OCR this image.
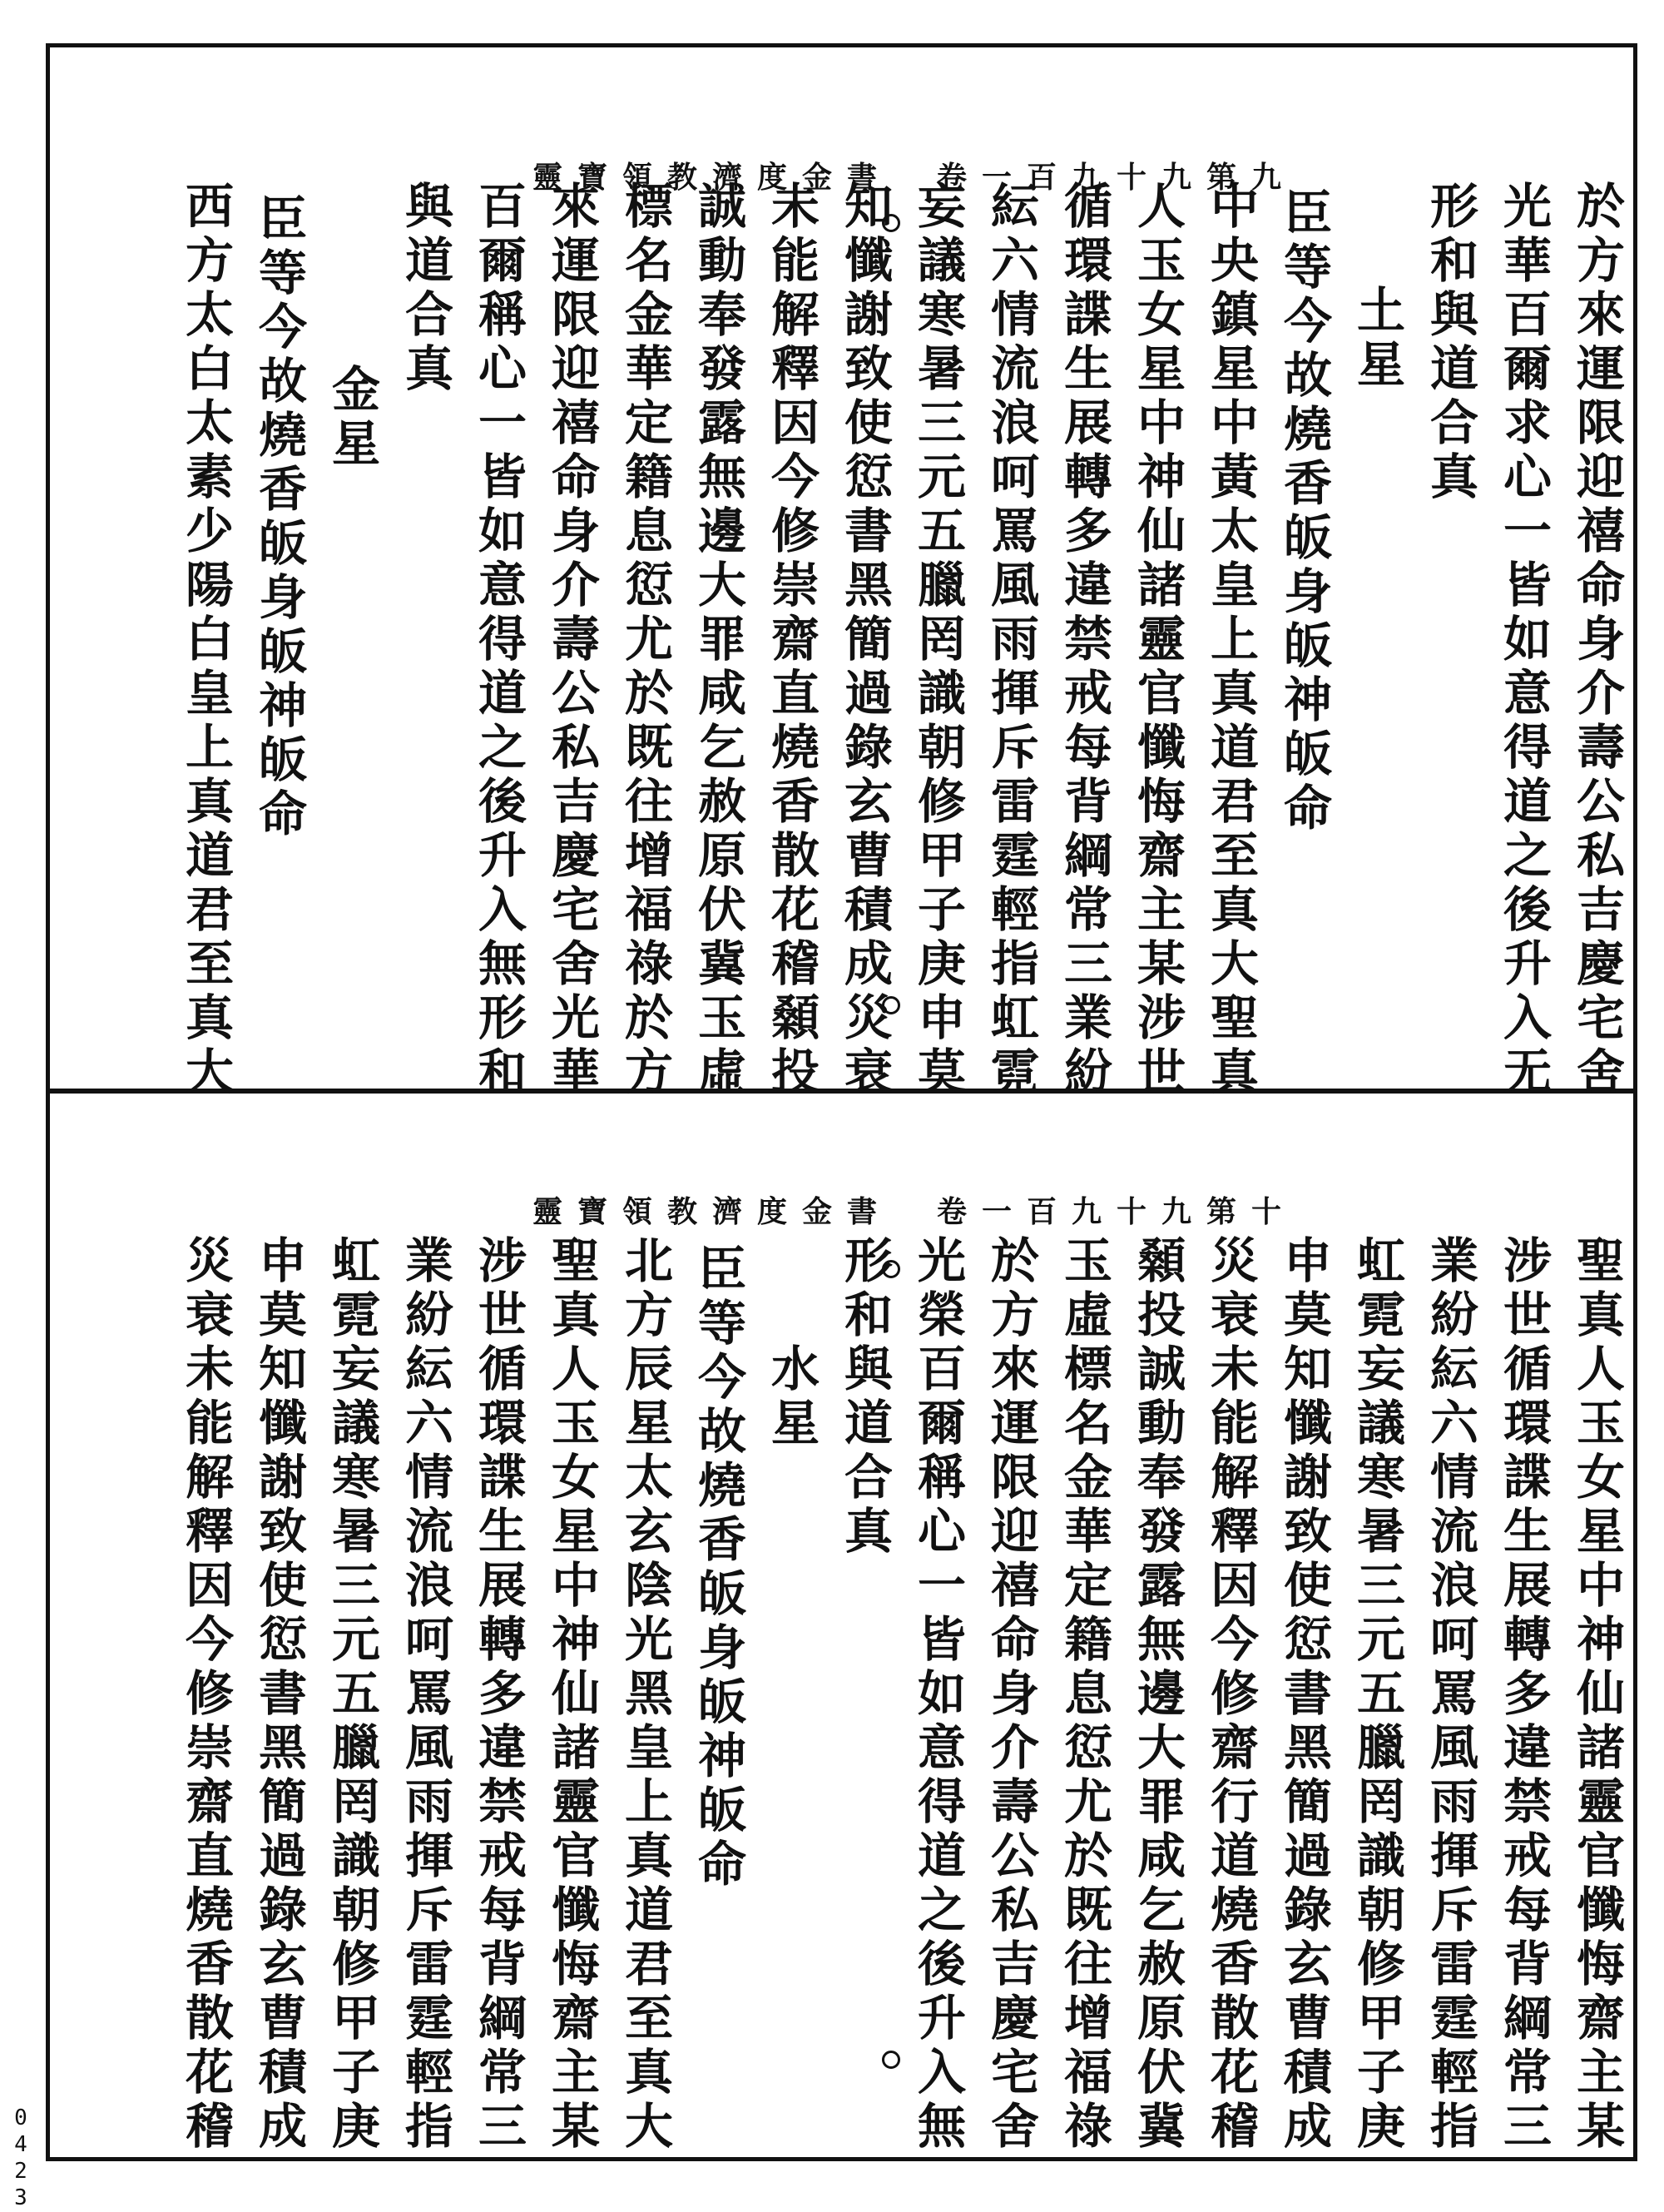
靈寶領教濟度金書　卷一百九十九第九
於方來運限迎禧命身介壽公私吉慶宅舍
光華百爾求心一皆如意得道之後升入无
形和與道合真
土星
臣等今故燒香皈身皈神皈命
中央鎮星中黃太皇上真道君至真大聖真
人玉女星中神仙諸靈官懺悔齋主某涉世
循環諜生展轉多違禁戒每背綱常三業紛
紜六情流浪呵罵風雨揮斥雷霆輕指虹霓
妄議寒暑三元五臘罔識朝修甲子庚申莫
知懺謝致使愆書黑簡過錄玄曹積成災衰
未能解釋因今修崇齋直燒香散花稽顙投
誠動奉發露無邊大罪咸乞赦原伏冀玉虛
標名金華定籍息愆尤於既往增福祿於方
來運限迎禧命身介壽公私吉慶宅舍光華
百爾稱心一皆如意得道之後升入無形和
與道合真
金星
臣等今故燒香皈身皈神皈命
西方太白太素少陽白皇上真道君至真大
靈寶領教濟度金書　卷一百九十九第十
聖真人玉女星中神仙諸靈官懺悔齋主某
涉世循環諜生展轉多違禁戒每背綱常三
業紛紜六情流浪呵罵風雨揮斥雷霆輕指
虹霓妄議寒暑三元五臘罔識朝修甲子庚
申莫知懺謝致使愆書黑簡過錄玄曹積成
災衰未能解釋因今修齋行道燒香散花稽
顙投誠動奉發露無邊大罪咸乞赦原伏冀
玉虛標名金華定籍息愆尤於既往增福祿
於方來運限迎禧命身介壽公私吉慶宅舍
光榮百爾稱心一皆如意得道之後升入無
形和與道合真
水星
臣等今故燒香皈身皈神皈命
北方辰星太玄陰光黑皇上真道君至真大
聖真人玉女星中神仙諸靈官懺悔齋主某
涉世循環諜生展轉多違禁戒每背綱常三
業紛紜六情流浪呵罵風雨揮斥雷霆輕指
虹霓妄議寒暑三元五臘罔識朝修甲子庚
申莫知懺謝致使愆書黑簡過錄玄曹積成
災衰未能解釋因今修崇齋直燒香散花稽
0423
